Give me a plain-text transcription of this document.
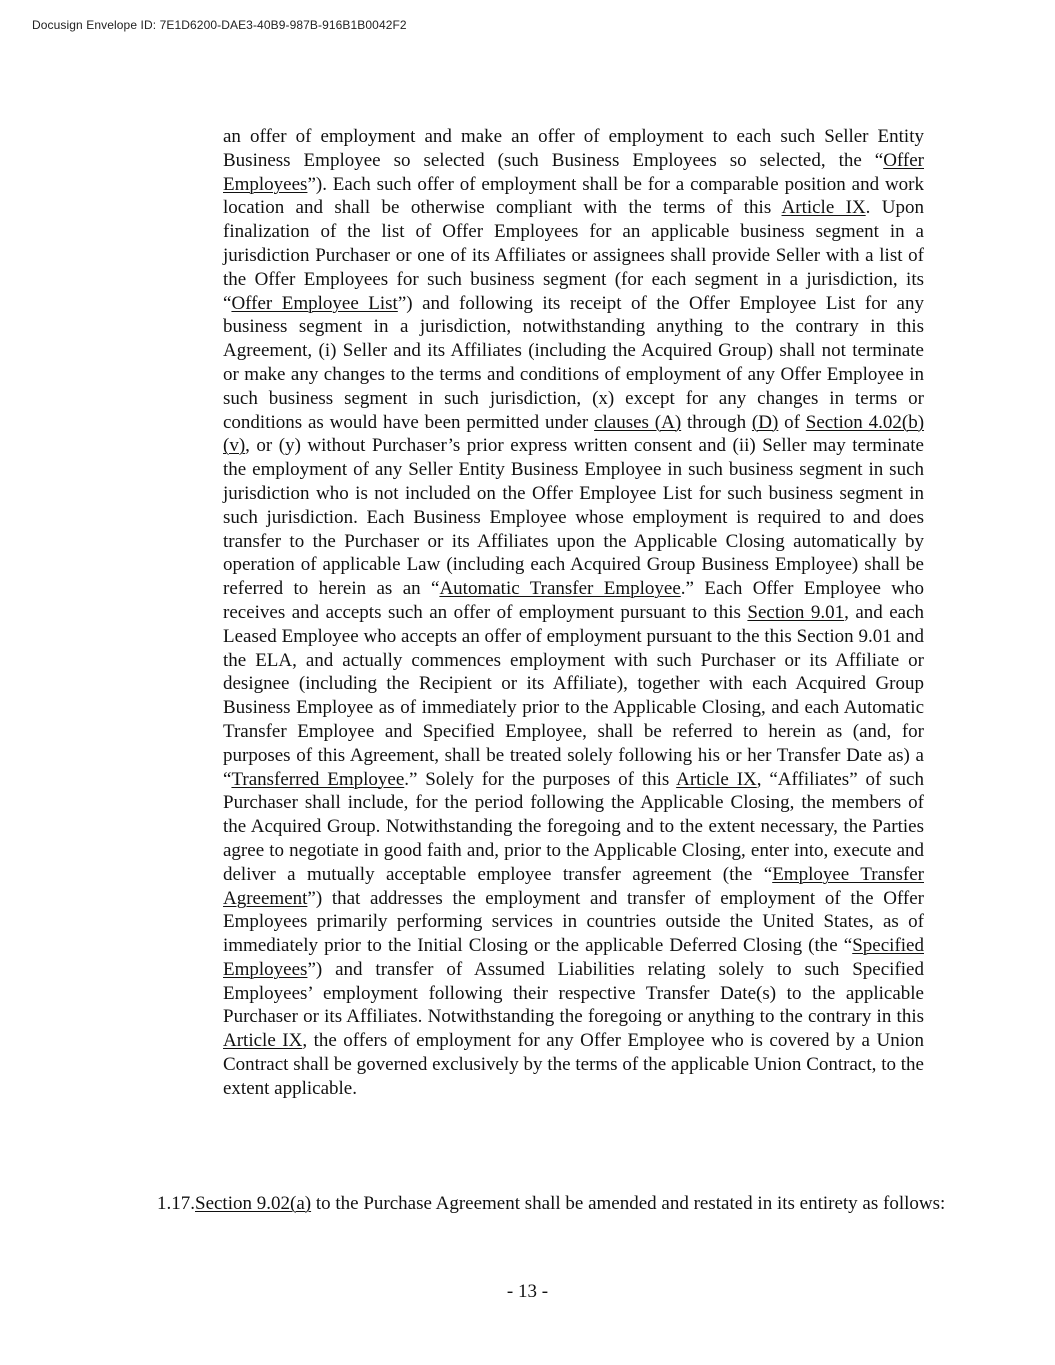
Docusign Envelope ID: 7E1D6200-DAE3-40B9-987B-916B1B0042F2

an offer of employment and make an offer of employment to each such Seller Entity Business Employee so selected (such Business Employees so selected, the “Offer Employees”). Each such offer of employment shall be for a comparable position and work location and shall be otherwise compliant with the terms of this Article IX. Upon finalization of the list of Offer Employees for an applicable business segment in a jurisdiction Purchaser or one of its Affiliates or assignees shall provide Seller with a list of the Offer Employees for such business segment (for each segment in a jurisdiction, its “Offer Employee List”) and following its receipt of the Offer Employee List for any business segment in a jurisdiction, notwithstanding anything to the contrary in this Agreement, (i) Seller and its Affiliates (including the Acquired Group) shall not terminate or make any changes to the terms and conditions of employment of any Offer Employee in such business segment in such jurisdiction, (x) except for any changes in terms or conditions as would have been permitted under clauses (A) through (D) of Section 4.02(b)(v), or (y) without Purchaser’s prior express written consent and (ii) Seller may terminate the employment of any Seller Entity Business Employee in such business segment in such jurisdiction who is not included on the Offer Employee List for such business segment in such jurisdiction. Each Business Employee whose employment is required to and does transfer to the Purchaser or its Affiliates upon the Applicable Closing automatically by operation of applicable Law (including each Acquired Group Business Employee) shall be referred to herein as an “Automatic Transfer Employee.” Each Offer Employee who receives and accepts such an offer of employment pursuant to this Section 9.01, and each Leased Employee who accepts an offer of employment pursuant to the this Section 9.01 and the ELA, and actually commences employment with such Purchaser or its Affiliate or designee (including the Recipient or its Affiliate), together with each Acquired Group Business Employee as of immediately prior to the Applicable Closing, and each Automatic Transfer Employee and Specified Employee, shall be referred to herein as (and, for purposes of this Agreement, shall be treated solely following his or her Transfer Date as) a “Transferred Employee.” Solely for the purposes of this Article IX, “Affiliates” of such Purchaser shall include, for the period following the Applicable Closing, the members of the Acquired Group. Notwithstanding the foregoing and to the extent necessary, the Parties agree to negotiate in good faith and, prior to the Applicable Closing, enter into, execute and deliver a mutually acceptable employee transfer agreement (the “Employee Transfer Agreement”) that addresses the employment and transfer of employment of the Offer Employees primarily performing services in countries outside the United States, as of immediately prior to the Initial Closing or the applicable Deferred Closing (the “Specified Employees”) and transfer of Assumed Liabilities relating solely to such Specified Employees’ employment following their respective Transfer Date(s) to the applicable Purchaser or its Affiliates. Notwithstanding the foregoing or anything to the contrary in this Article IX, the offers of employment for any Offer Employee who is covered by a Union Contract shall be governed exclusively by the terms of the applicable Union Contract, to the extent applicable.

1.17.Section 9.02(a) to the Purchase Agreement shall be amended and restated in its entirety as follows:

- 13 -
